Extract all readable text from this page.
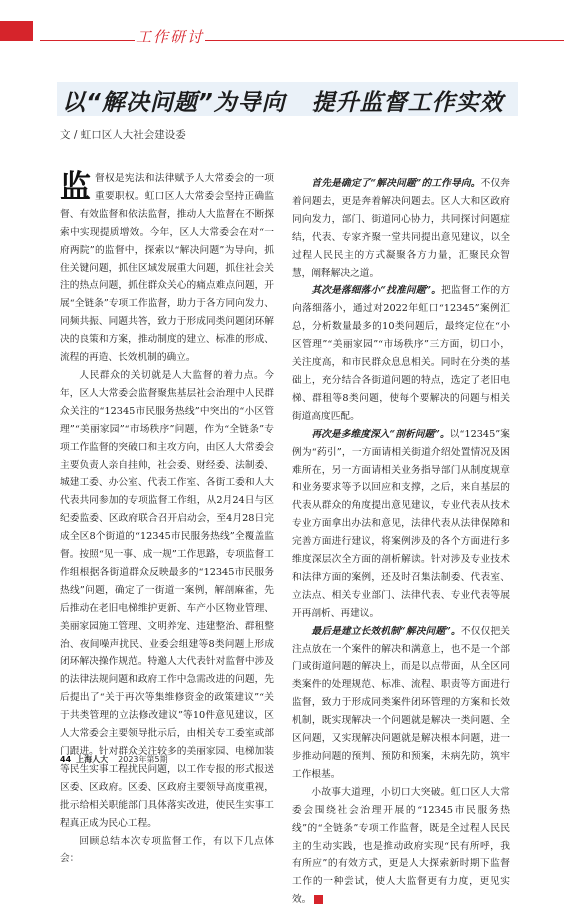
工作研讨
以“解决问题”为导向 提升监督工作实效
文 / 虹口区人大社会建设委

监督权是宪法和法律赋予人大常委会的一项重要职权。虹口区人大常委会坚持正确监督、有效监督和依法监督，推动人大监督在不断探索中实现提质增效。今年，区人大常委会在对“一府两院”的监督中，探索以“解决问题”为导向，抓住关键问题，抓住区域发展重大问题，抓住社会关注的热点问题，抓住群众关心的痛点难点问题，开展“全链条”专项工作监督，助力于各方同向发力、同频共振、同题共答，致力于形成同类问题闭环解决的良策和方案，推动制度的建立、标准的形成、流程的再造、长效机制的确立。

人民群众的关切就是人大监督的着力点。今年，区人大常委会监督聚焦基层社会治理中人民群众关注的“12345市民服务热线”中突出的“小区管理”“美丽家园”“市场秩序”问题，作为“全链条”专项工作监督的突破口和主攻方向，由区人大常委会主要负责人亲自挂帅，社会委、财经委、法制委、城建工委、办公室、代表工作室、各街工委和人大代表共同参加的专项监督工作组，从2月24日与区纪委监委、区政府联合召开启动会，至4月28日完成全区8个街道的“12345市民服务热线”全覆盖监督。按照“见一事、成一规”工作思路，专项监督工作组根据各街道群众反映最多的“12345市民服务热线”问题，确定了一街道一案例，解剖麻雀，先后推动在老旧电梯维护更新、车产小区物业管理、美丽家园施工管理、文明养宠、违建整治、群租整治、夜间噪声扰民、业委会组建等8类问题上形成闭环解决操作规范。特邀人大代表针对监督中涉及的法律法规问题和政府工作中急需改进的问题，先后提出了“关于再次等集维修资金的政策建议”“关于共类管理的立法修改建议”等10件意见建议，区人大常委会主要领导批示后，由相关专工委室或部门跟进。针对群众关注较多的美丽家园、电梯加装等民生实事工程扰民问题，以工作专报的形式报送区委、区政府。区委、区政府主要领导高度重视，批示给相关职能部门具体落实改进，使民生实事工程真正成为民心工程。

回顾总结本次专项监督工作，有以下几点体会：

首先是确定了“解决问题”的工作导向。不仅奔着问题去，更是奔着解决问题去。区人大和区政府同向发力，部门、街道同心协力，共同探讨问题症结，代表、专家齐聚一堂共同提出意见建议，以全过程人民民主的方式凝聚各方力量，汇聚民众智慧，阐释解决之道。

其次是落细落小“找准问题”。把监督工作的方向落细落小，通过对2022年虹口“12345”案例汇总，分析数量最多的10类问题后，最终定位在“小区管理”“美丽家园”“市场秩序”三方面，切口小，关注度高，和市民群众息息相关。同时在分类的基础上，充分结合各街道问题的特点，选定了老旧电梯、群租等8类问题，使每个要解决的问题与相关街道高度匹配。

再次是多维度深入“剖析问题”。以“12345”案例为“药引”，一方面请相关街道介绍处置情况及困难所在，另一方面请相关业务指导部门从制度规章和业务要求等予以回应和支撑，之后，来自基层的代表从群众的角度提出意见建议，专业代表从技术专业方面拿出办法和意见，法律代表从法律保障和完善方面进行建议，将案例涉及的各个方面进行多维度深层次全方面的剖析解读。针对涉及专业技术和法律方面的案例，还及时召集法制委、代表室、立法点、相关专业部门、法律代表、专业代表等展开再剖析、再建议。

最后是建立长效机制“解决问题”。不仅仅把关注点放在一个案件的解决和满意上，也不是一个部门或街道问题的解决上，而是以点带面，从全区同类案件的处理规范、标准、流程、职责等方面进行监督，致力于形成同类案件闭环管理的方案和长效机制，既实现解决一个问题就是解决一类问题、全区问题，又实现解决问题就是解决根本问题，进一步推动问题的预判、预防和预案，未病先防，筑牢工作根基。

小故事大道理，小切口大突破。虹口区人大常委会围绕社会治理开展的“12345市民服务热线”的“全链条”专项工作监督，既是全过程人民民主的生动实践，也是推动政府实现“民有所呼，我有所应”的有效方式，更是人大探索新时期下监督工作的一种尝试，使人大监督更有力度，更见实效。	A

44 上海人大 2023年第5期
